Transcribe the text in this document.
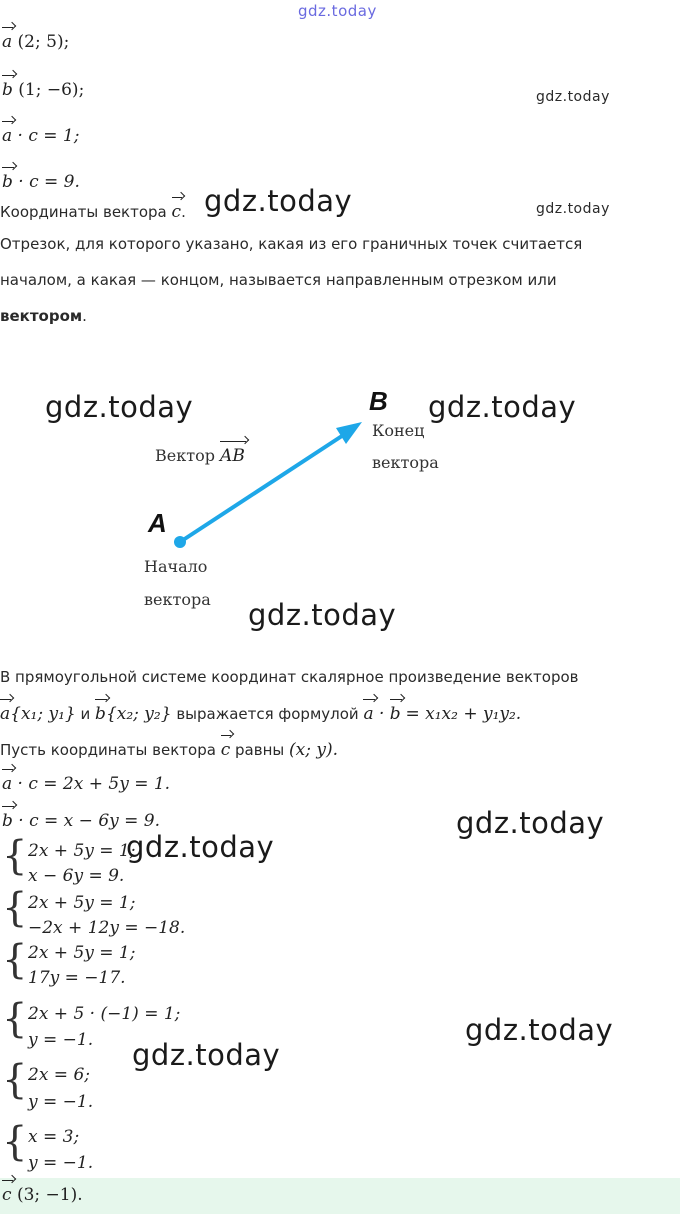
gdz.today
a (2; 5);
b (1; −6);
a · c = 1;
b · c = 9.
gdz.today
Координаты вектора c. gdz.today	gdz.today
Отрезок, для которого указано, какая из его граничных точек считается
началом, а какая — концом, называется направленным отрезком или
вектором.
A
B
Вектор AB
Конец
вектора
Начало
вектора
gdz.today	gdz.today
gdz.today
В прямоугольной системе координат скалярное произведение векторов
a{x₁; y₁} и b{x₂; y₂} выражается формулой a · b = x₁x₂ + y₁y₂.
Пусть координаты вектора c равны (x; y).
a · c = 2x + 5y = 1.
b · c = x − 6y = 9.
{ 2x + 5y = 1;
x − 6y = 9.
{ 2x + 5y = 1;
−2x + 12y = −18.
{ 2x + 5y = 1;
17y = −17.
{ 2x + 5 · (−1) = 1;
y = −1.
{ 2x = 6;
y = −1.
{ x = 3;
y = −1.
gdz.today
gdz.today
gdz.today
gdz.today
c (3; −1).
